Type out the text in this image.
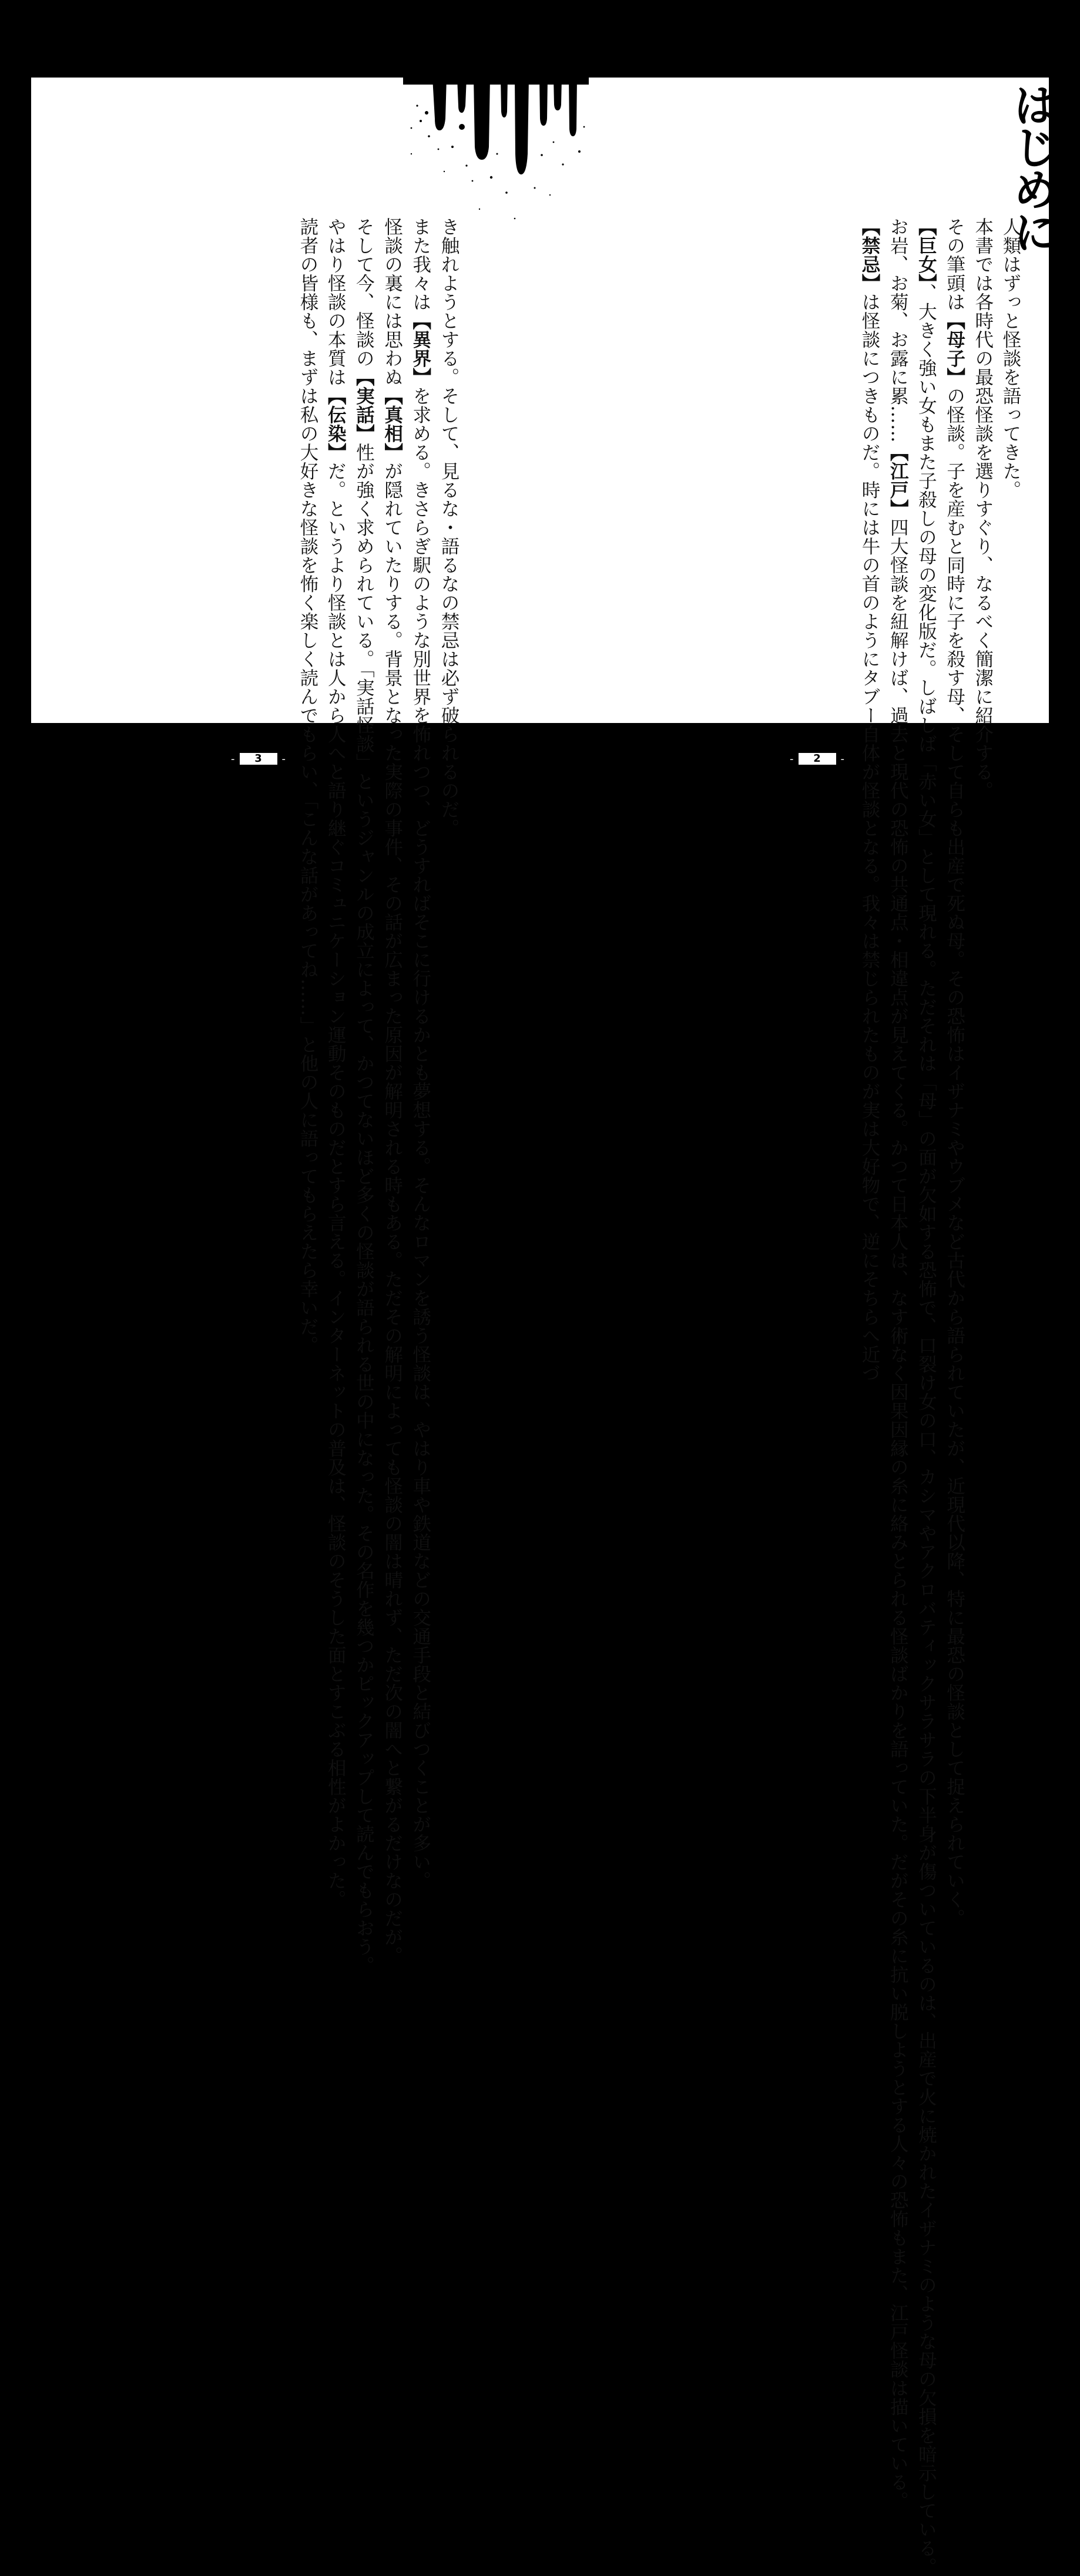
はじめに

人類はずっと怪談を語ってきた。

本書では各時代の最恐怪談を選りすぐり、なるべく簡潔に紹介する。

その筆頭は【母子】の怪談。子を産むと同時に子を殺す母、そして自らも出産で死ぬ母。その恐怖はイザナミやウブメなど古代から語られていたが、近現代以降、特に最恐の怪談として捉えられていく。

【巨女】、大きく強い女もまた子殺しの母の変化版だ。しばしば「赤い女」として現れる。ただそれは「母」の面が欠如する恐怖で、口裂け女の口、カシマやアクロバティックサラサラの下半身が傷ついているのは、出産で火に焼かれたイザナミのような母の欠損を暗示している。

お岩、お菊、お露に累……【江戸】四大怪談を紐解けば、過去と現代の恐怖の共通点・相違点が見えてくる。かつて日本人は、なす術なく因果因縁の糸に絡みとられる怪談ばかりを語っていた。だがその糸に抗い脱しようとする人々の恐怖もまた、江戸怪談は描いている。

【禁忌】は怪談につきものだ。時には牛の首のようにタブー自体が怪談となる。我々は禁じられたものが実は大好物で、逆にそちらへ近づ

き触れようとする。そして、見るな・語るなの禁忌は必ず破られるのだ。

また我々は【異界】を求める。きさらぎ駅のような別世界を怖れつつ、どうすればそこに行けるかとも夢想する。そんなロマンを誘う怪談は、やはり車や鉄道などの交通手段と結びつくことが多い。

怪談の裏には思わぬ【真相】が隠れていたりする。背景となった実際の事件、その話が広まった原因が解明される時もある。ただその解明によっても怪談の闇は晴れず、ただ次の闇へと繋がるだけなのだが。

そして今、怪談の【実話】性が強く求められている。「実話怪談」というジャンルの成立によって、かつてないほど多くの怪談が語られる世の中になった。その名作を幾つかピックアップして読んでもらおう。

やはり怪談の本質は【伝染】だ。というより怪談とは人から人へと語り継ぐコミュニケーション運動そのものだとすら言える。インターネットの普及は、怪談のそうした面とすこぶる相性がよかった。

読者の皆様も、まずは私の大好きな怪談を怖く楽しく読んでもらい、「こんな話があってね……」と他の人に語ってもらえたら幸いだ。

- 3 -	- 2 -
